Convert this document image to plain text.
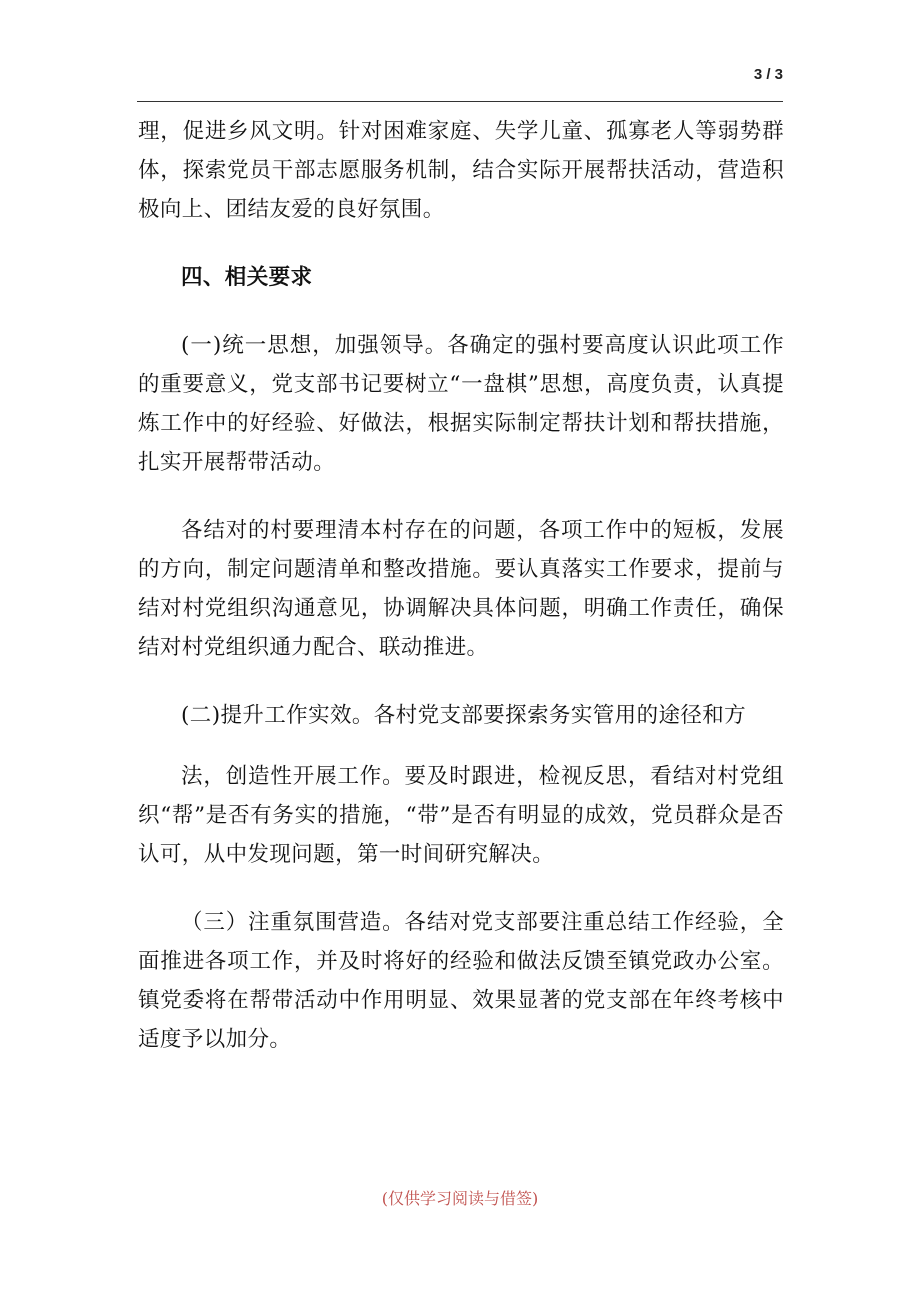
3 / 3

理，促进乡风文明。针对困难家庭、失学儿童、孤寡老人等弱势群体，探索党员干部志愿服务机制，结合实际开展帮扶活动，营造积极向上、团结友爱的良好氛围。

四、相关要求

(一)统一思想，加强领导。各确定的强村要高度认识此项工作的重要意义，党支部书记要树立“一盘棋”思想，高度负责，认真提炼工作中的好经验、好做法，根据实际制定帮扶计划和帮扶措施，扎实开展帮带活动。

各结对的村要理清本村存在的问题，各项工作中的短板，发展的方向，制定问题清单和整改措施。要认真落实工作要求，提前与结对村党组织沟通意见，协调解决具体问题，明确工作责任，确保结对村党组织通力配合、联动推进。

(二)提升工作实效。各村党支部要探索务实管用的途径和方

法，创造性开展工作。要及时跟进，检视反思，看结对村党组织“帮”是否有务实的措施，“带”是否有明显的成效，党员群众是否认可，从中发现问题，第一时间研究解决。

（三）注重氛围营造。各结对党支部要注重总结工作经验，全面推进各项工作，并及时将好的经验和做法反馈至镇党政办公室。镇党委将在帮带活动中作用明显、效果显著的党支部在年终考核中适度予以加分。

(仅供学习阅读与借签)
